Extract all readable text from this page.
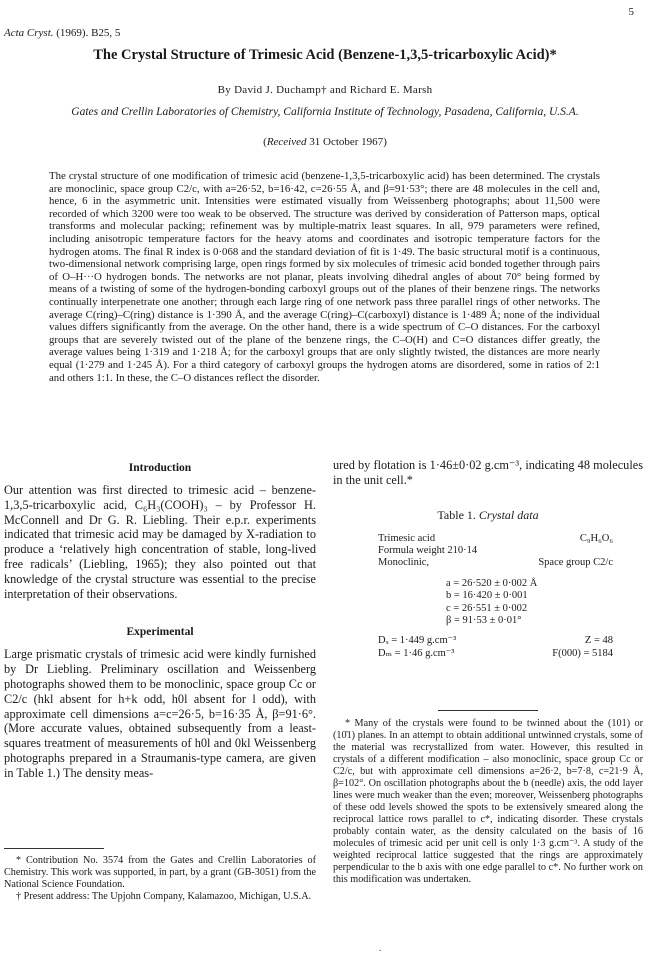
5
Acta Cryst. (1969). B25, 5
The Crystal Structure of Trimesic Acid (Benzene-1,3,5-tricarboxylic Acid)*
By David J. Duchamp† and Richard E. Marsh
Gates and Crellin Laboratories of Chemistry, California Institute of Technology, Pasadena, California, U.S.A.
(Received 31 October 1967)
The crystal structure of one modification of trimesic acid (benzene-1,3,5-tricarboxylic acid) has been determined. The crystals are monoclinic, space group C2/c, with a=26·52, b=16·42, c=26·55 Å, and β=91·53°; there are 48 molecules in the cell and, hence, 6 in the asymmetric unit. Intensities were estimated visually from Weissenberg photographs; about 11,500 were recorded of which 3200 were too weak to be observed. The structure was derived by consideration of Patterson maps, optical transforms and molecular packing; refinement was by multiple-matrix least squares. In all, 979 parameters were refined, including anisotropic temperature factors for the heavy atoms and coordinates and isotropic temperature factors for the hydrogen atoms. The final R index is 0·068 and the standard deviation of fit is 1·49. The basic structural motif is a continuous, two-dimensional network comprising large, open rings formed by six molecules of trimesic acid bonded together through pairs of O–H···O hydrogen bonds. The networks are not planar, pleats involving dihedral angles of about 70° being formed by means of a twisting of some of the hydrogen-bonding carboxyl groups out of the planes of their benzene rings. The networks continually interpenetrate one another; through each large ring of one network pass three parallel rings of other networks. The average C(ring)–C(ring) distance is 1·390 Å, and the average C(ring)–C(carboxyl) distance is 1·489 Å; none of the individual values differs significantly from the average. On the other hand, there is a wide spectrum of C–O distances. For the carboxyl groups that are severely twisted out of the plane of the benzene rings, the C–O(H) and C=O distances differ greatly, the average values being 1·319 and 1·218 Å; for the carboxyl groups that are only slightly twisted, the distances are more nearly equal (1·279 and 1·245 Å). For a third category of carboxyl groups the hydrogen atoms are disordered, some in ratios of 2:1 and others 1:1. In these, the C–O distances reflect the disorder.
Introduction

Our attention was first directed to trimesic acid – benzene-1,3,5-tricarboxylic acid, C₆H₃(COOH)₃ – by Professor H. McConnell and Dr G. R. Liebling. Their e.p.r. experiments indicated that trimesic acid may be damaged by X-radiation to produce a ‘relatively high concentration of stable, long-lived free radicals’ (Liebling, 1965); they also pointed out that knowledge of the crystal structure was essential to the precise interpretation of their observations.

Experimental

Large prismatic crystals of trimesic acid were kindly furnished by Dr Liebling. Preliminary oscillation and Weissenberg photographs showed them to be monoclinic, space group Cc or C2/c (hkl absent for h+k odd, h0l absent for l odd), with approximate cell dimensions a=c=26·5, b=16·35 Å, β=91·6°. (More accurate values, obtained subsequently from a least-squares treatment of measurements of h0l and 0kl Weissenberg photographs prepared in a Straumanis-type camera, are given in Table 1.) The density meas-

* Contribution No. 3574 from the Gates and Crellin Laboratories of Chemistry. This work was supported, in part, by a grant (GB-3051) from the National Science Foundation.

† Present address: The Upjohn Company, Kalamazoo, Michigan, U.S.A.

ured by flotation is 1·46±0·02 g.cm⁻³, indicating 48 molecules in the unit cell.*

Table 1. Crystal data
Trimesic acid	C₉H₆O₆
Formula weight 210·14
Monoclinic,	Space group C2/c
a = 26·520 ± 0·002 Å
b = 16·420 ± 0·001
c = 26·551 ± 0·002
β = 91·53 ± 0·01°
Dₓ = 1·449 g.cm⁻³	Z = 48
Dₘ = 1·46 g.cm⁻³	F(000) = 5184

* Many of the crystals were found to be twinned about the (101) or (10̄1) planes. In an attempt to obtain additional untwinned crystals, some of the material was recrystallized from water. However, this resulted in crystals of a different modification – also monoclinic, space group Cc or C2/c, but with approximate cell dimensions a=26·2, b=7·8, c=21·9 Å, β=102°. On oscillation photographs about the b (needle) axis, the odd layer lines were much weaker than the even; moreover, Weissenberg photographs of these odd levels showed the spots to be extensively smeared along the reciprocal lattice rows parallel to c*, indicating disorder. These crystals probably contain water, as the density calculated on the basis of 16 molecules of trimesic acid per unit cell is only 1·3 g.cm⁻³. A study of the weighted reciprocal lattice suggested that the rings are approximately perpendicular to the b axis with one edge parallel to c*. No further work on this modification was undertaken.

.
